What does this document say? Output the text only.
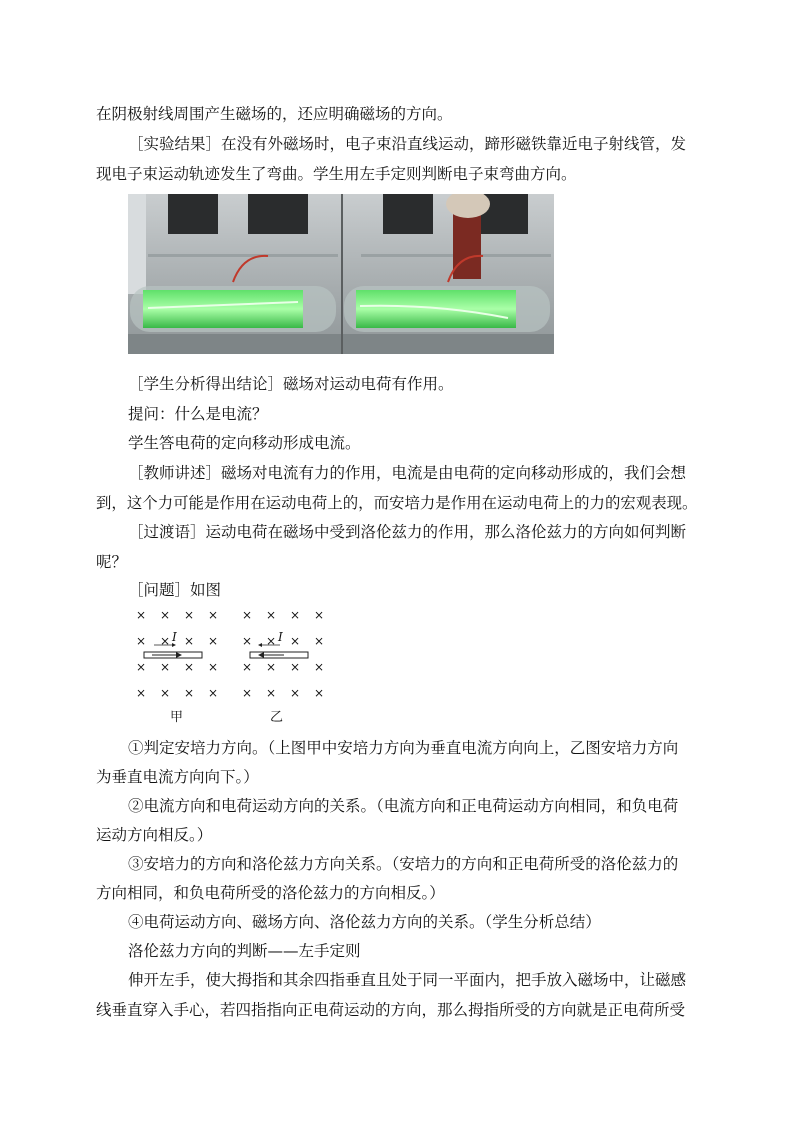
在阴极射线周围产生磁场的，还应明确磁场的方向。
［实验结果］在没有外磁场时，电子束沿直线运动，蹄形磁铁靠近电子射线管，发
现电子束运动轨迹发生了弯曲。学生用左手定则判断电子束弯曲方向。
［学生分析得出结论］磁场对运动电荷有作用。
提问：什么是电流？
学生答电荷的定向移动形成电流。
［教师讲述］磁场对电流有力的作用，电流是由电荷的定向移动形成的，我们会想
到，这个力可能是作用在运动电荷上的，而安培力是作用在运动电荷上的力的宏观表现。
［过渡语］运动电荷在磁场中受到洛伦兹力的作用，那么洛伦兹力的方向如何判断
呢？
［问题］如图
× × × × × × × ×
× × I × × × × I × ×
× × × × × × × ×
× × × × × × × ×
甲	乙
①判定安培力方向。（上图甲中安培力方向为垂直电流方向向上，乙图安培力方向
为垂直电流方向向下。）
②电流方向和电荷运动方向的关系。（电流方向和正电荷运动方向相同，和负电荷
运动方向相反。）
③安培力的方向和洛伦兹力方向关系。（安培力的方向和正电荷所受的洛伦兹力的
方向相同，和负电荷所受的洛伦兹力的方向相反。）
④电荷运动方向、磁场方向、洛伦兹力方向的关系。（学生分析总结）
洛伦兹力方向的判断——左手定则
伸开左手，使大拇指和其余四指垂直且处于同一平面内，把手放入磁场中，让磁感
线垂直穿入手心，若四指指向正电荷运动的方向，那么拇指所受的方向就是正电荷所受
